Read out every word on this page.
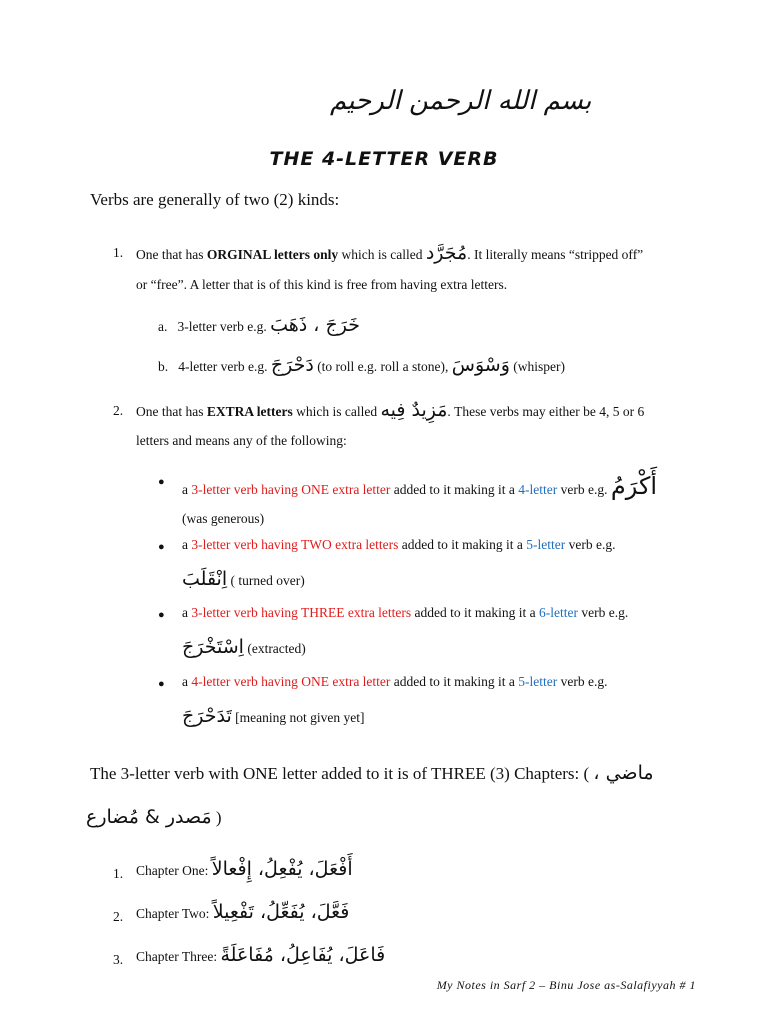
بسم الله الرحمن الرحيم
THE 4-LETTER VERB
Verbs are generally of two (2) kinds:
1. One that has ORGINAL letters only which is called مُجَرَّد. It literally means “stripped off”
or “free”. A letter that is of this kind is free from having extra letters.
a. 3-letter verb e.g. خَرَجَ ، ذَهَبَ
b. 4-letter verb e.g. دَحْرَجَ (to roll e.g. roll a stone), وَسْوَسَ (whisper)
2. One that has EXTRA letters which is called مَزِيدٌ فِيه. These verbs may either be 4, 5 or 6
letters and means any of the following:
● a 3-letter verb having ONE extra letter added to it making it a 4-letter verb e.g. أَكْرَمُ
(was generous)
● a 3-letter verb having TWO extra letters added to it making it a 5-letter verb e.g.
اِنْقَلَبَ ( turned over)
● a 3-letter verb having THREE extra letters added to it making it a 6-letter verb e.g.
اِسْتَخْرَجَ (extracted)
● a 4-letter verb having ONE extra letter added to it making it a 5-letter verb e.g.
تَدَحْرَجَ [meaning not given yet]
The 3-letter verb with ONE letter added to it is of THREE (3) Chapters: ( ماضي ،
مَصدر & مُضارع )
1. Chapter One: أَفْعَلَ، يُفْعِلُ، إِفْعالاً
2. Chapter Two: فَعَّلَ، يُفَعِّلُ، تَفْعِيلاً
3. Chapter Three: فَاعَلَ، يُفَاعِلُ، مُفَاعَلَةً
My Notes in Sarf 2 – Binu Jose as-Salafiyyah # 1
